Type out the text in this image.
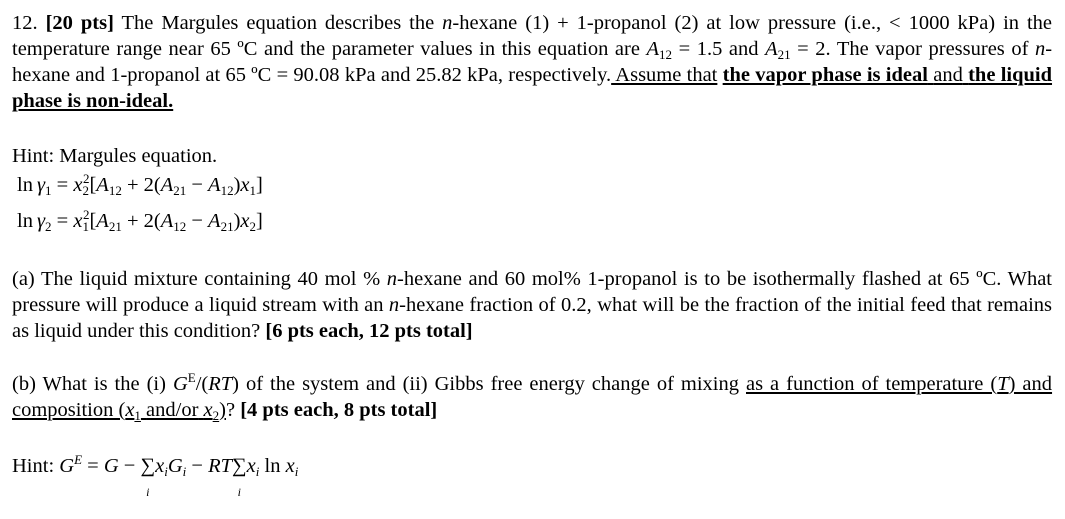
12. [20 pts] The Margules equation describes the n-hexane (1) + 1-propanol (2) at low pressure (i.e., < 1000 kPa) in the temperature range near 65 ºC and the parameter values in this equation are $A_{12} = 1.5$ and $A_{21} = 2$. The vapor pressures of n-hexane and 1-propanol at 65 ºC = 90.08 kPa and 25.82 kPa, respectively. Assume that the vapor phase is ideal and the liquid phase is non-ideal.
Hint: Margules equation.
$\ln \gamma_1 = x_2^2[A_{12} + 2(A_{21} - A_{12})x_1]$
$\ln \gamma_2 = x_1^2[A_{21} + 2(A_{12} - A_{21})x_2]$
(a) The liquid mixture containing 40 mol % n-hexane and 60 mol% 1-propanol is to be isothermally flashed at 65 ºC. What pressure will produce a liquid stream with an n-hexane fraction of 0.2, what will be the fraction of the initial feed that remains as liquid under this condition? [6 pts each, 12 pts total]
(b) What is the (i) $G^E/(RT)$ of the system and (ii) Gibbs free energy change of mixing as a function of temperature (T) and composition ($x_1$ and/or $x_2$)? [4 pts each, 8 pts total]
Hint: $G^E = G$ − ∑
i
$x_iG_i - RT\sum$
i
$x_i$ $\ln x_i$
